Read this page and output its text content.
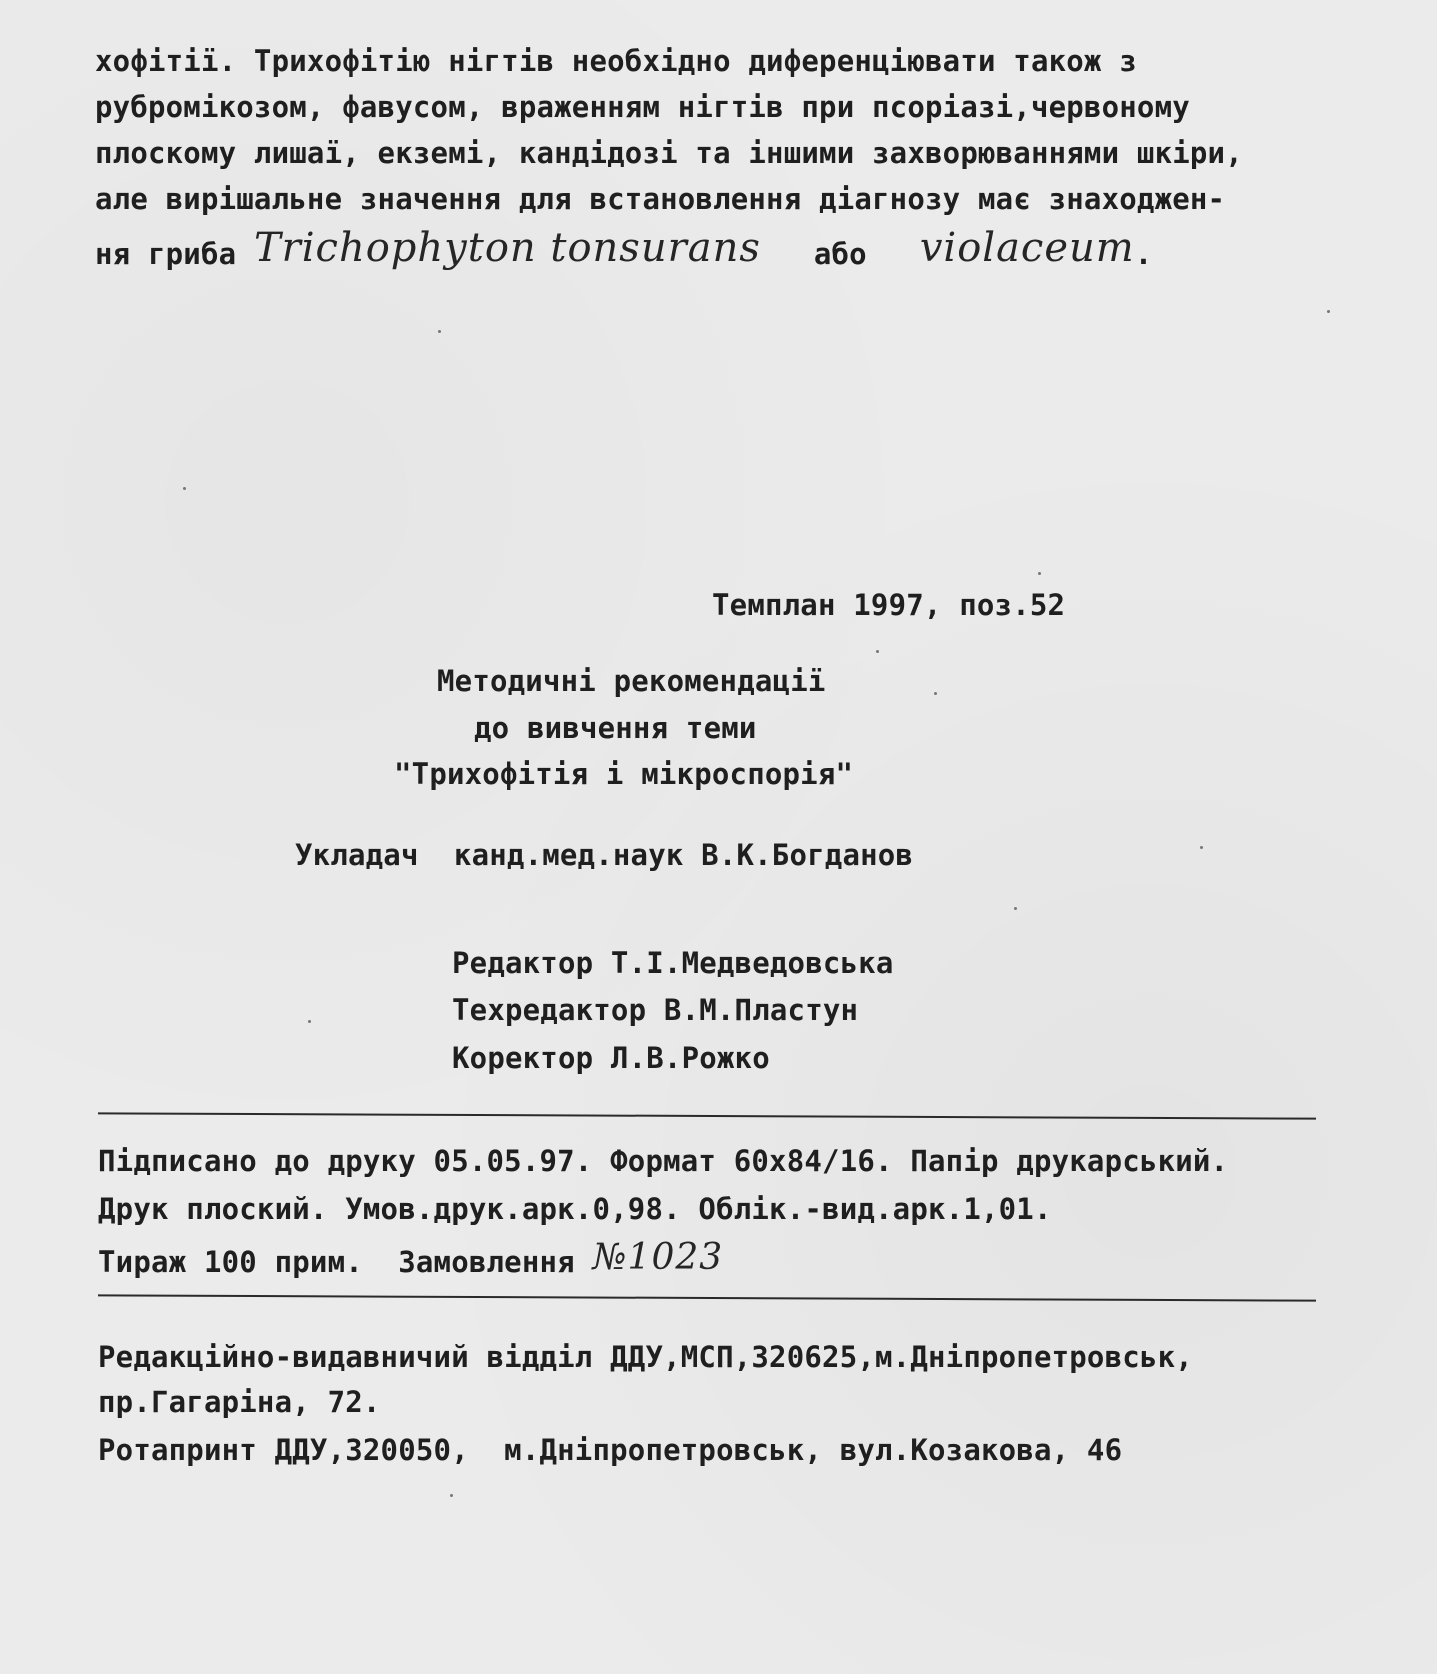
хофітії. Трихофітію нігтів необхідно диференціювати також з
рубромікозом, фавусом, враженням нігтів при псоріазі,червоному
плоскому лишаї, екземі, кандідозі та іншими захворюваннями шкіри,
але вирішальне значення для встановлення діагнозу має знаходжен-
ня гриба Trichophyton tonsurans або violaceum.
Темплан 1997, поз.52
Методичні рекомендації
до вивчення теми
"Трихофітія і мікроспорія"
Укладач  канд.мед.наук В.К.Богданов
Редактор Т.І.Медведовська
Техредактор В.М.Пластун
Коректор Л.В.Рожко
Підписано до друку 05.05.97. Формат 60х84/16. Папір друкарський.
Друк плоский. Умов.друк.арк.0,98. Облік.-вид.арк.1,01.
Тираж 100 прим.  Замовлення №1023
Редакційно-видавничий відділ ДДУ,МСП,320625,м.Дніпропетровськ,
пр.Гагаріна, 72.
Ротапринт ДДУ,320050,  м.Дніпропетровськ, вул.Козакова, 46
